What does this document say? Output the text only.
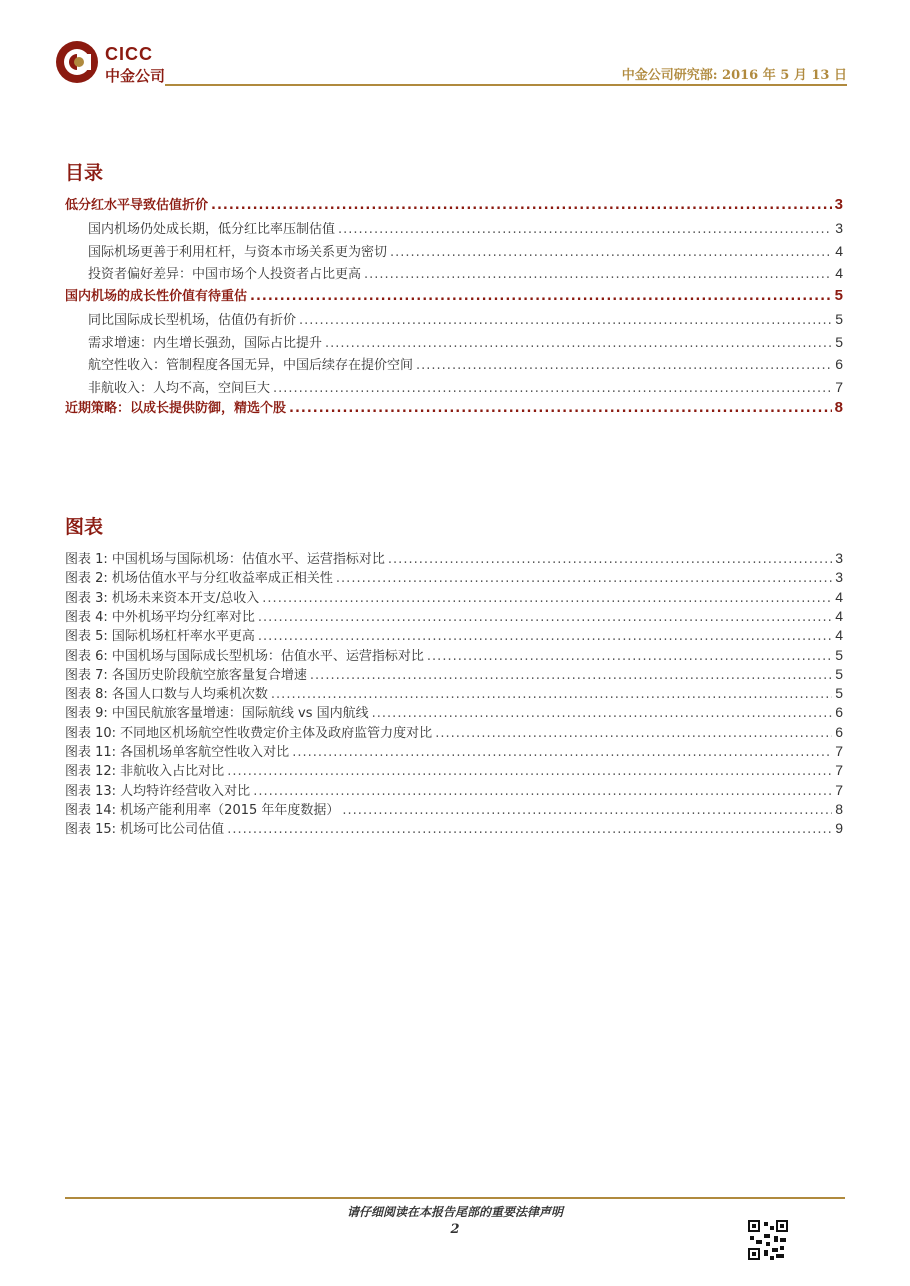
CICC
中金公司	中金公司研究部: 2016 年 5 月 13 日
目录
低分红水平导致估值折价 .....	3
国内机场仍处成长期，低分红比率压制估值 .....	3
国际机场更善于利用杠杆，与资本市场关系更为密切 .....	4
投资者偏好差异：中国市场个人投资者占比更高 .....	4
国内机场的成长性价值有待重估 .....	5
同比国际成长型机场，估值仍有折价 .....	5
需求增速：内生增长强劲，国际占比提升 .....	5
航空性收入：管制程度各国无异，中国后续存在提价空间 .....	6
非航收入：人均不高，空间巨大 .....	7
近期策略：以成长提供防御，精选个股 .....	8
图表
图表 1: 中国机场与国际机场：估值水平、运营指标对比 .....	3
图表 2: 机场估值水平与分红收益率成正相关性 .....	3
图表 3: 机场未来资本开支/总收入 .....	4
图表 4: 中外机场平均分红率对比 .....	4
图表 5: 国际机场杠杆率水平更高 .....	4
图表 6: 中国机场与国际成长型机场：估值水平、运营指标对比 .....	5
图表 7: 各国历史阶段航空旅客量复合增速 .....	5
图表 8: 各国人口数与人均乘机次数 .....	5
图表 9: 中国民航旅客量增速：国际航线 vs 国内航线 .....	6
图表 10: 不同地区机场航空性收费定价主体及政府监管力度对比 .....	6
图表 11: 各国机场单客航空性收入对比 .....	7
图表 12: 非航收入占比对比 .....	7
图表 13: 人均特许经营收入对比 .....	7
图表 14: 机场产能利用率（2015 年年度数据） .....	8
图表 15: 机场可比公司估值 .....	9
请仔细阅读在本报告尾部的重要法律声明
2
